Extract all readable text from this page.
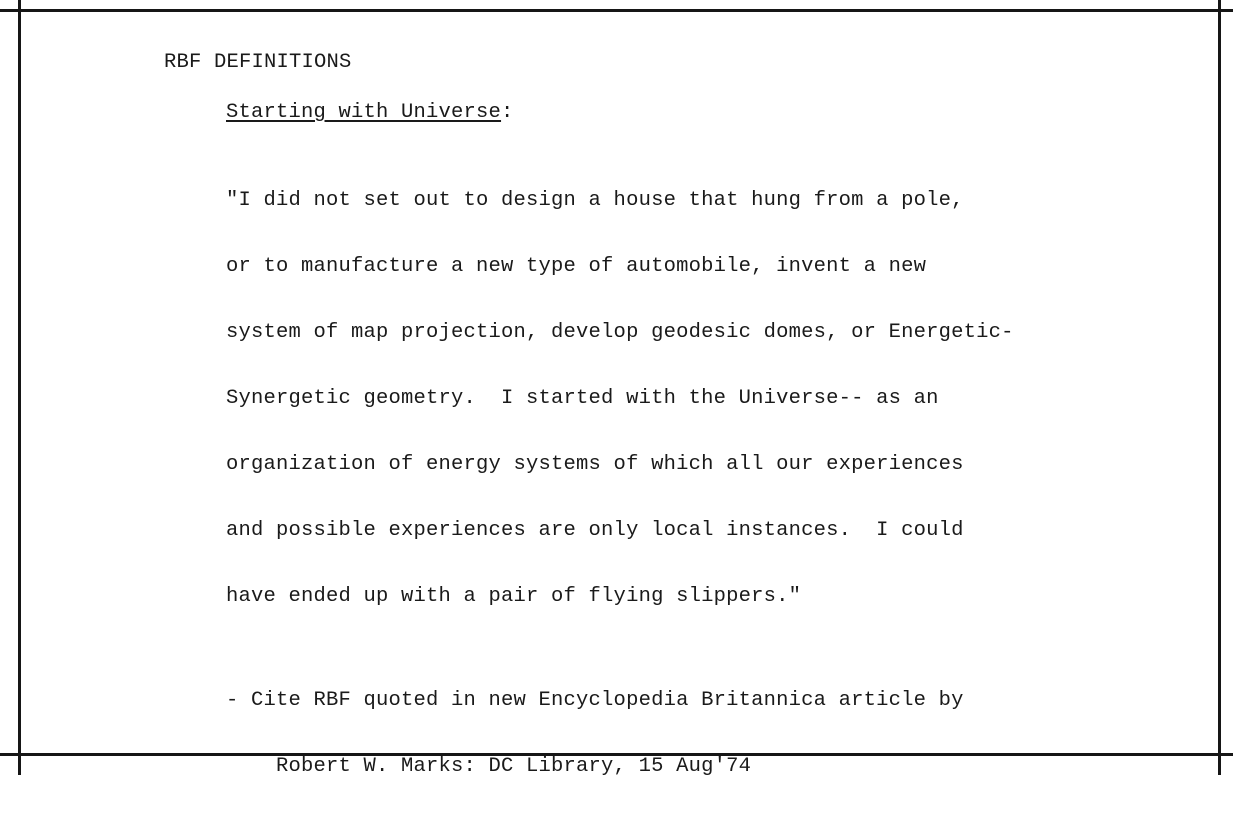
RBF DEFINITIONS
Starting with Universe:

"I did not set out to design a house that hung from a pole,

or to manufacture a new type of automobile, invent a new

system of map projection, develop geodesic domes, or Energetic-

Synergetic geometry.  I started with the Universe-- as an

organization of energy systems of which all our experiences

and possible experiences are only local instances.  I could

have ended up with a pair of flying slippers."

- Cite RBF quoted in new Encyclopedia Britannica article by

Robert W. Marks: DC Library, 15 Aug'74
